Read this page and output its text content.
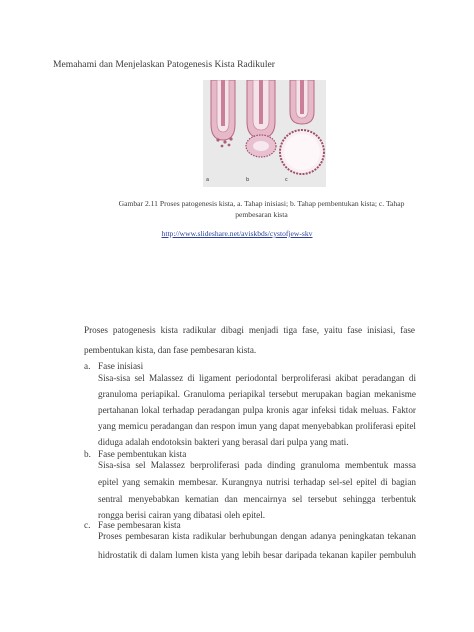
Memahami dan Menjelaskan Patogenesis Kista Radikuler
a	b	c
Gambar 2.11 Proses patogenesis kista, a. Tahap inisiasi; b. Tahap pembentukan kista; c. Tahap
pembesaran kista
http://www.slideshare.net/aviskbds/cystofjew-skv
Proses patogenesis kista radikular dibagi menjadi tiga fase, yaitu fase inisiasi, fase
pembentukan kista, dan fase pembesaran kista.
a. Fase inisiasi
Sisa-sisa sel Malassez di ligament periodontal berproliferasi akibat peradangan di
granuloma periapikal. Granuloma periapikal tersebut merupakan bagian mekanisme
pertahanan lokal terhadap peradangan pulpa kronis agar infeksi tidak meluas. Faktor
yang memicu peradangan dan respon imun yang dapat menyebabkan proliferasi epitel
diduga adalah endotoksin bakteri yang berasal dari pulpa yang mati.
b. Fase pembentukan kista
Sisa-sisa sel Malassez berproliferasi pada dinding granuloma membentuk massa
epitel yang semakin membesar. Kurangnya nutrisi terhadap sel-sel epitel di bagian
sentral menyebabkan kematian dan mencairnya sel tersebut sehingga terbentuk
rongga berisi cairan yang dibatasi oleh epitel.
c. Fase pembesaran kista
Proses pembesaran kista radikular berhubungan dengan adanya peningkatan tekanan
hidrostatik di dalam lumen kista yang lebih besar daripada tekanan kapiler pembuluh
